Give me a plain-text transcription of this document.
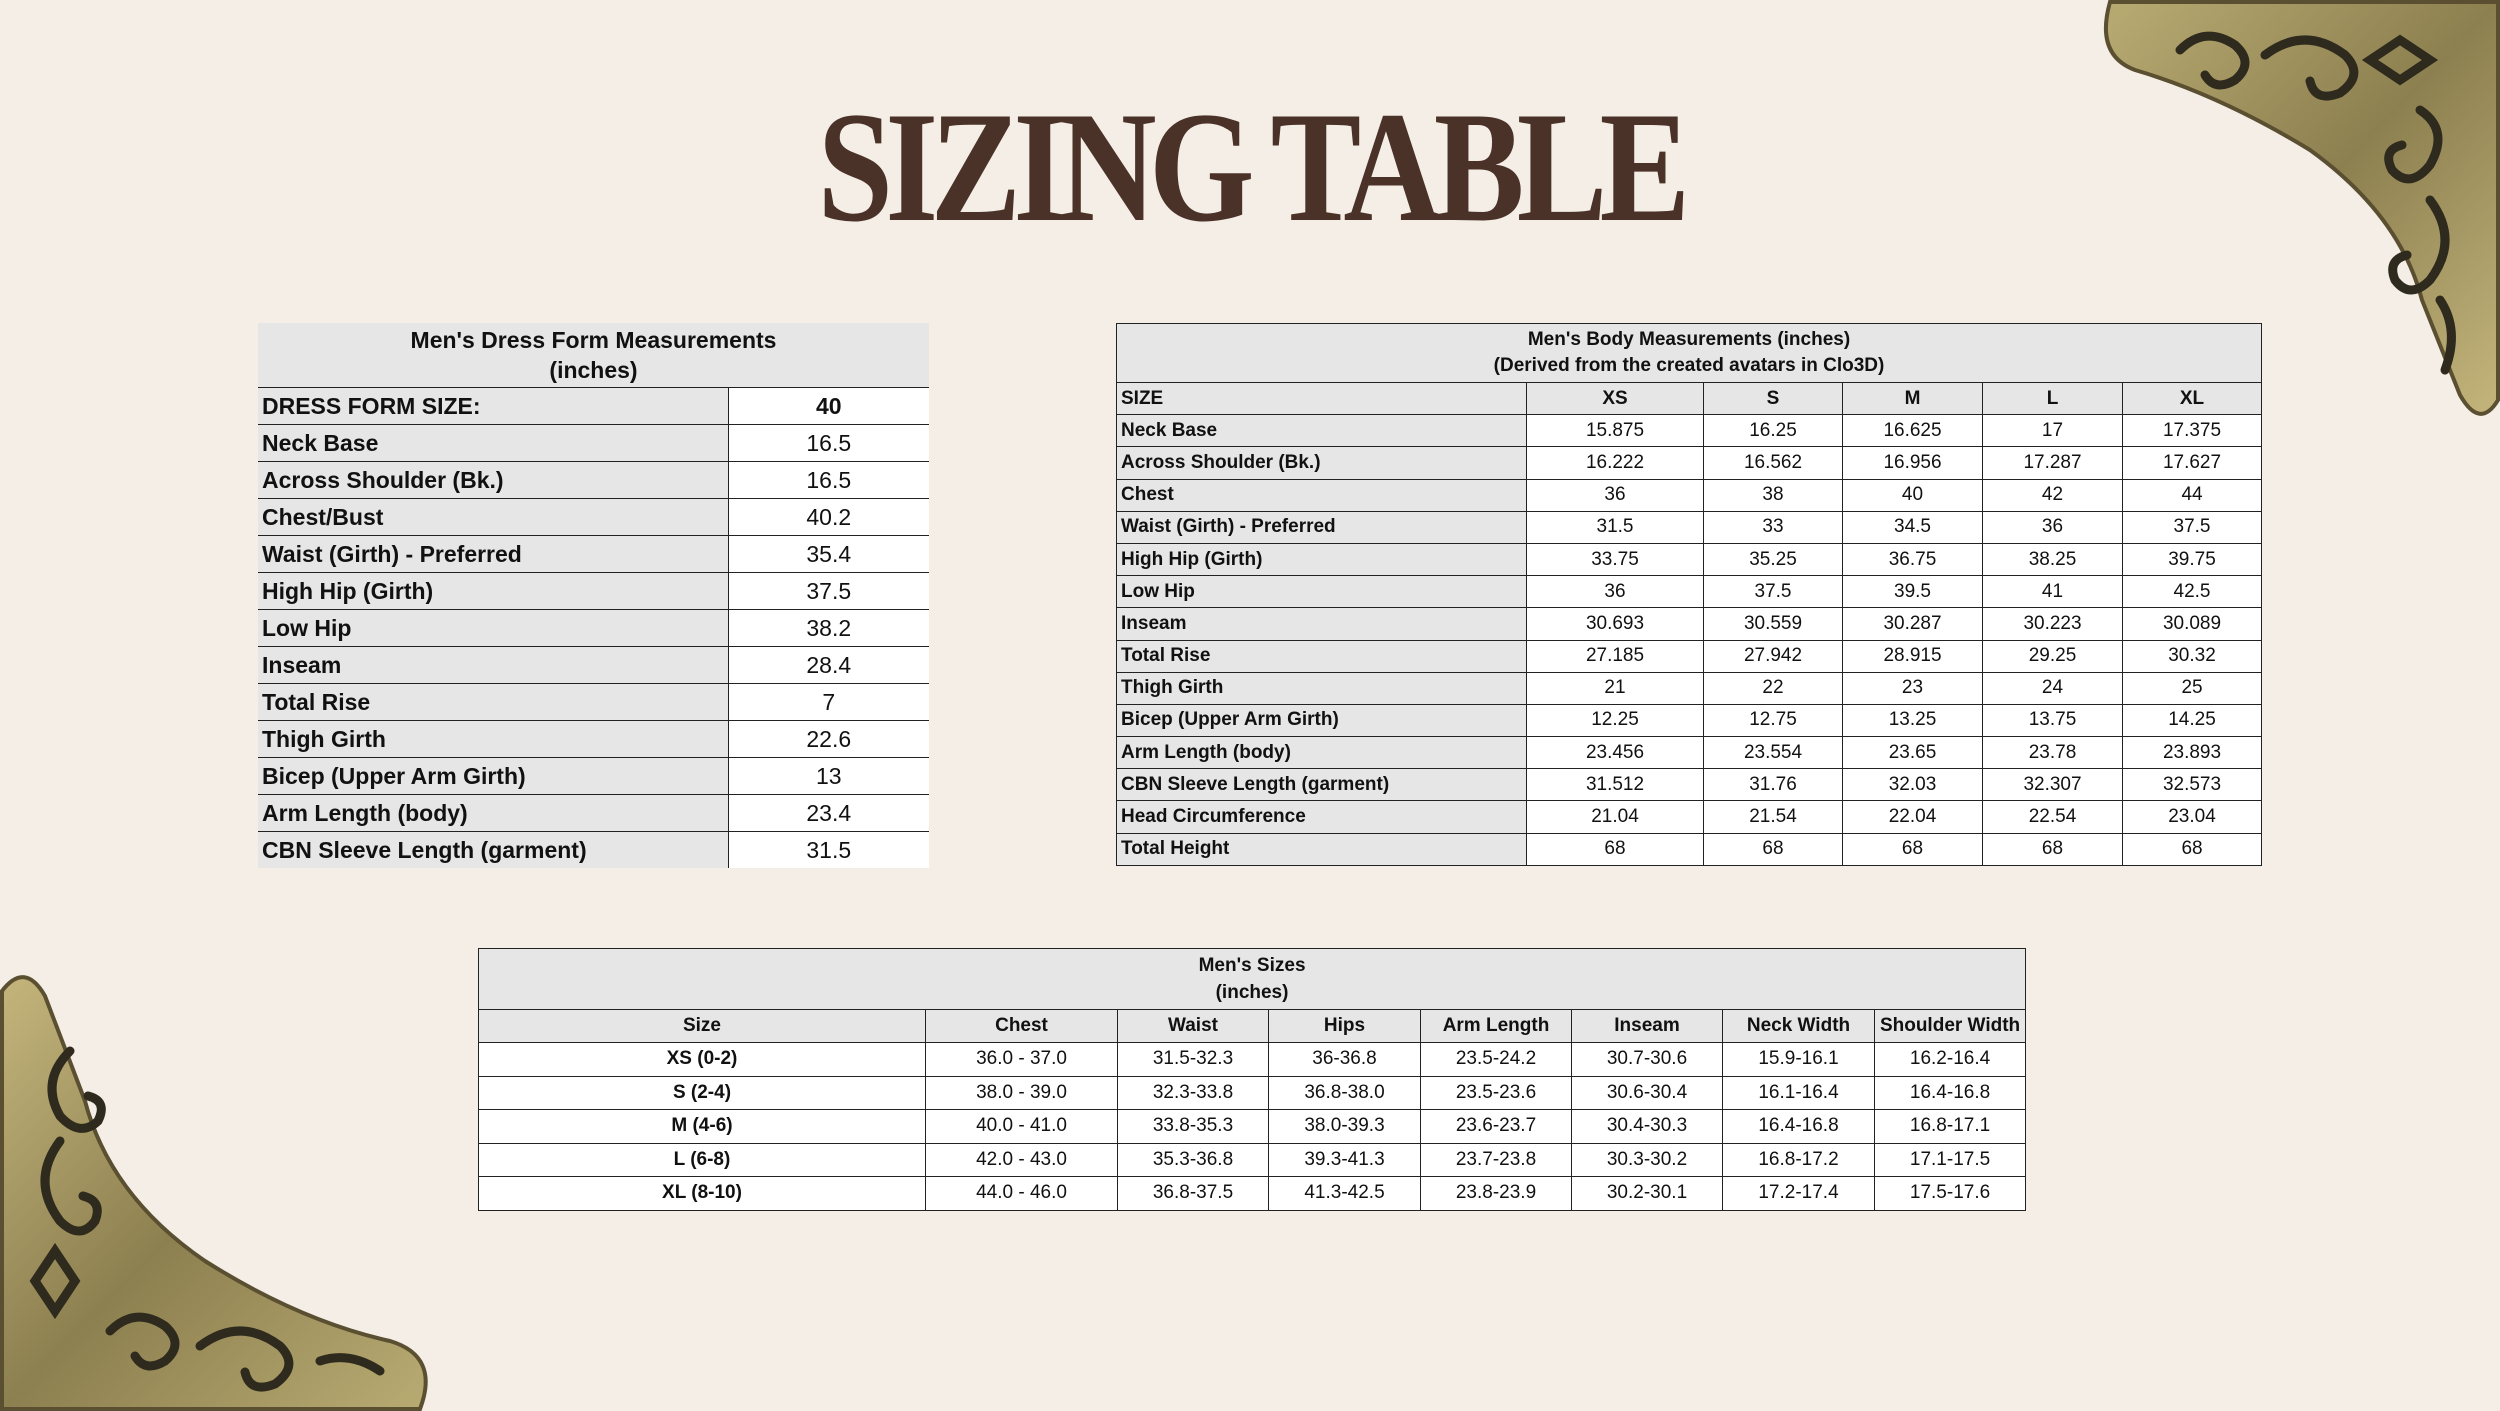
SIZING TABLE
Men's Dress Form Measurements
(inches)	

DRESS FORM SIZE:	40
Neck Base	16.5
Across Shoulder (Bk.)	16.5
Chest/Bust	40.2
Waist (Girth) - Preferred	35.4
High Hip (Girth)	37.5
Low Hip	38.2
Inseam	28.4
Total Rise	7
Thigh Girth	22.6
Bicep (Upper Arm Girth)	13
Arm Length (body)	23.4
CBN Sleeve Length (garment)	31.5
Men's Body Measurements (inches)
(Derived from the created avatars in Clo3D)					

SIZE	XS	S	M	L	XL
Neck Base	15.875	16.25	16.625	17	17.375
Across Shoulder (Bk.)	16.222	16.562	16.956	17.287	17.627
Chest	36	38	40	42	44
Waist (Girth) - Preferred	31.5	33	34.5	36	37.5
High Hip (Girth)	33.75	35.25	36.75	38.25	39.75
Low Hip	36	37.5	39.5	41	42.5
Inseam	30.693	30.559	30.287	30.223	30.089
Total Rise	27.185	27.942	28.915	29.25	30.32
Thigh Girth	21	22	23	24	25
Bicep (Upper Arm Girth)	12.25	12.75	13.25	13.75	14.25
Arm Length (body)	23.456	23.554	23.65	23.78	23.893
CBN Sleeve Length (garment)	31.512	31.76	32.03	32.307	32.573
Head Circumference	21.04	21.54	22.04	22.54	23.04
Total Height	68	68	68	68	68
Men's Sizes
(inches)							

Size	Chest	Waist	Hips	Arm Length	Inseam	Neck Width	Shoulder Width
XS (0-2)	36.0 - 37.0	31.5-32.3	36-36.8	23.5-24.2	30.7-30.6	15.9-16.1	16.2-16.4
S (2-4)	38.0 - 39.0	32.3-33.8	36.8-38.0	23.5-23.6	30.6-30.4	16.1-16.4	16.4-16.8
M (4-6)	40.0 - 41.0	33.8-35.3	38.0-39.3	23.6-23.7	30.4-30.3	16.4-16.8	16.8-17.1
L (6-8)	42.0 - 43.0	35.3-36.8	39.3-41.3	23.7-23.8	30.3-30.2	16.8-17.2	17.1-17.5
XL (8-10)	44.0 - 46.0	36.8-37.5	41.3-42.5	23.8-23.9	30.2-30.1	17.2-17.4	17.5-17.6
